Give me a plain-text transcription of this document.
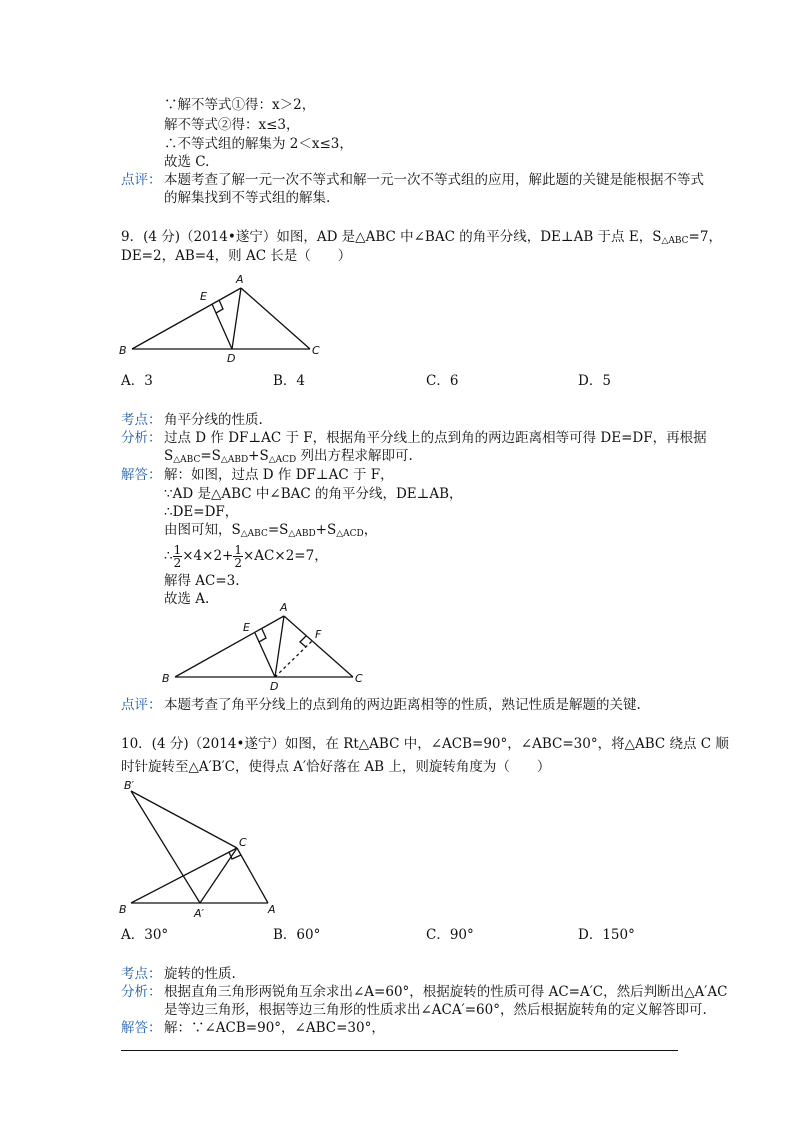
∵解不等式①得：x＞2，
解不等式②得：x≤3，
∴不等式组的解集为 2＜x≤3，
故选 C.
点评： 本题考查了解一元一次不等式和解一元一次不等式组的应用，解此题的关键是能根据不等式
的解集找到不等式组的解集.
9．(4 分)（2014•遂宁）如图，AD 是△ABC 中∠BAC 的角平分线，DE⊥AB 于点 E，$S_{\triangle ABC}=7$，
DE=2，AB=4，则 AC 长是（　　）
A
B	C
D
E
A．3	B．4	C．6	D．5
考点： 角平分线的性质.
分析： 过点 D 作 DF⊥AC 于 F，根据角平分线上的点到角的两边距离相等可得 DE=DF，再根据
$S_{\triangle ABC}=S_{\triangle ABD}+S_{\triangle ACD}$ 列出方程求解即可.
解答： 解：如图，过点 D 作 DF⊥AC 于 F，
∵AD 是△ABC 中∠BAC 的角平分线，DE⊥AB，
∴DE=DF，
由图可知，$S_{\triangle ABC}=S_{\triangle ABD}+S_{\triangle ACD}$，
∴ $\frac{1}{2} \times 4\times 2+ \frac{1}{2} \times AC\times 2=7$，
解得 AC=3.
故选 A.
A
B	C
D
E
F
点评： 本题考查了角平分线上的点到角的两边距离相等的性质，熟记性质是解题的关键.
10．(4 分)（2014•遂宁）如图，在 Rt△ABC 中，∠ACB=90°，∠ABC=30°，将△ABC 绕点 C 顺
时针旋转至△A′B′C，使得点 A′恰好落在 AB 上，则旋转角度为（　　）
B′
C
B	A′	A
A．30°	B．60°	C．90°	D．150°
考点： 旋转的性质.
分析： 根据直角三角形两锐角互余求出∠A=60°，根据旋转的性质可得 AC=A′C，然后判断出△A′AC
是等边三角形，根据等边三角形的性质求出∠ACA′=60°，然后根据旋转角的定义解答即可.
解答： 解：∵∠ACB=90°，∠ABC=30°，
